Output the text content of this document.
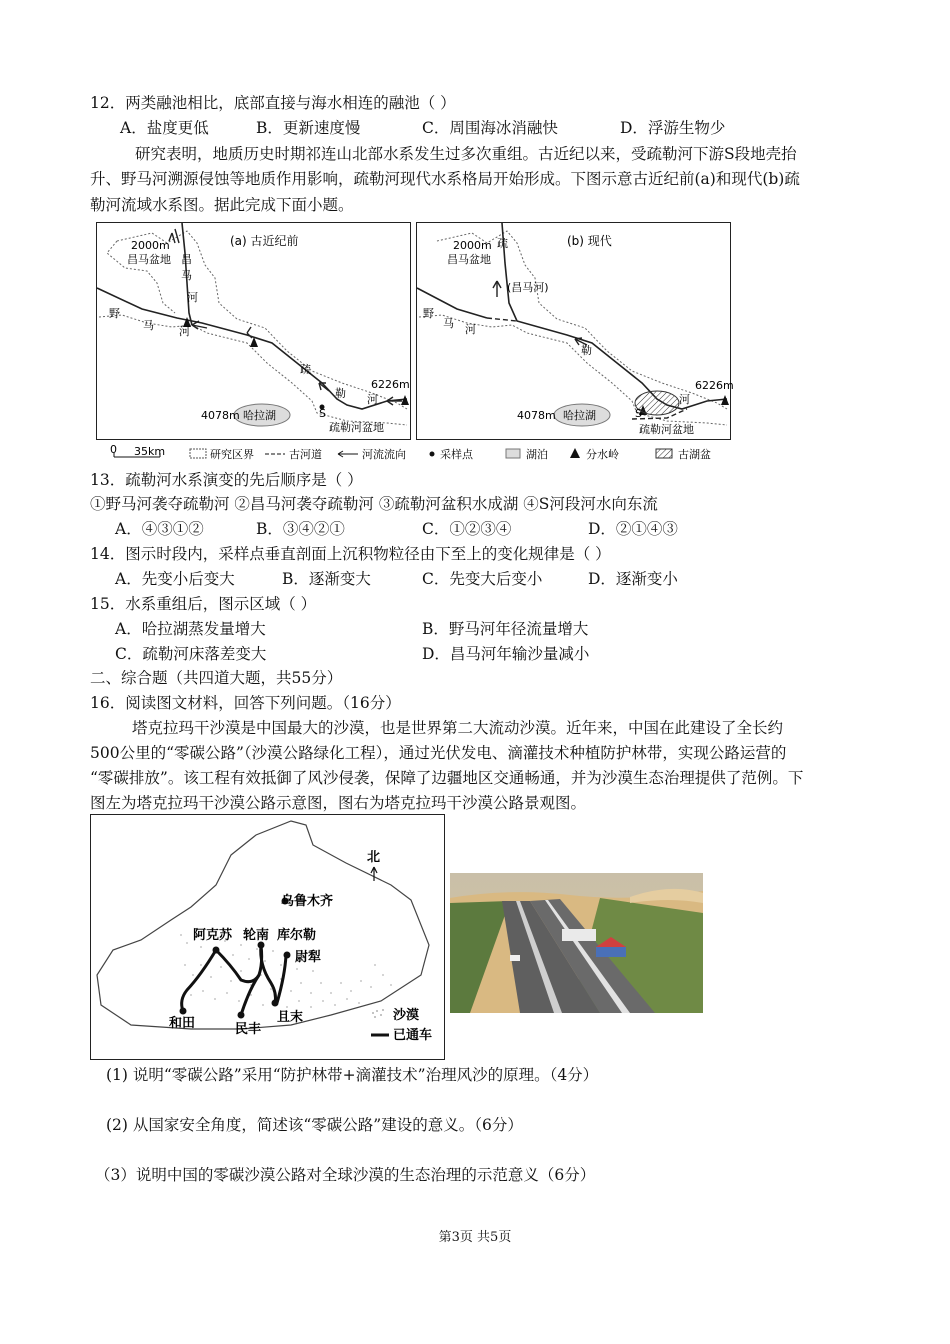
12．两类融池相比，底部直接与海水相连的融池（ ）
A．盐度更低	B．更新速度慢	C．周围海冰消融快	D．浮游生物少
研究表明，地质历史时期祁连山北部水系发生过多次重组。古近纪以来，受疏勒河下游S段地壳抬
升、野马河溯源侵蚀等地质作用影响，疏勒河现代水系格局开始形成。下图示意古近纪前(a)和现代(b)疏
勒河流域水系图。据此完成下面小题。
(a) 古近纪前
2000m
昌马盆地 昌
马
河
野
马 河
疏
勒 河
6226m
4078m 哈拉湖
疏勒河盆地
S
(b) 现代
2000m
昌马盆地
疏
(昌马河)
野
马 河
勒
河
6226m
4078m 哈拉湖
疏勒河盆地
S
0 35km	研究区界	古河道	河流流向	采样点	湖泊	分水岭	古湖盆
13．疏勒河水系演变的先后顺序是（ ）
①野马河袭夺疏勒河 ②昌马河袭夺疏勒河 ③疏勒河盆积水成湖 ④S河段河水向东流
A．④③①②	B．③④②①	C．①②③④	D．②①④③
14．图示时段内，采样点垂直剖面上沉积物粒径由下至上的变化规律是（ ）
A．先变小后变大	B．逐渐变大	C．先变大后变小	D．逐渐变小
15．水系重组后，图示区域（ ）
A．哈拉湖蒸发量增大	B．野马河年径流量增大
C．疏勒河床落差变大	D．昌马河年输沙量减小
二、综合题（共四道大题，共55分）
16．阅读图文材料，回答下列问题。（16分）
塔克拉玛干沙漠是中国最大的沙漠，也是世界第二大流动沙漠。近年来，中国在此建设了全长约
500公里的“零碳公路”（沙漠公路绿化工程），通过光伏发电、滴灌技术种植防护林带，实现公路运营的
“零碳排放”。该工程有效抵御了风沙侵袭，保障了边疆地区交通畅通，并为沙漠生态治理提供了范例。下
图左为塔克拉玛干沙漠公路示意图，图右为塔克拉玛干沙漠公路景观图。
北
乌鲁木齐
阿克苏 轮南 库尔勒
尉犁
和田	民丰
且末	沙漠
已通车
(1) 说明“零碳公路”采用“防护林带+滴灌技术”治理风沙的原理。（4分）
(2) 从国家安全角度，简述该“零碳公路”建设的意义。（6分）
（3）说明中国的零碳沙漠公路对全球沙漠的生态治理的示范意义（6分）
第3页 共5页
